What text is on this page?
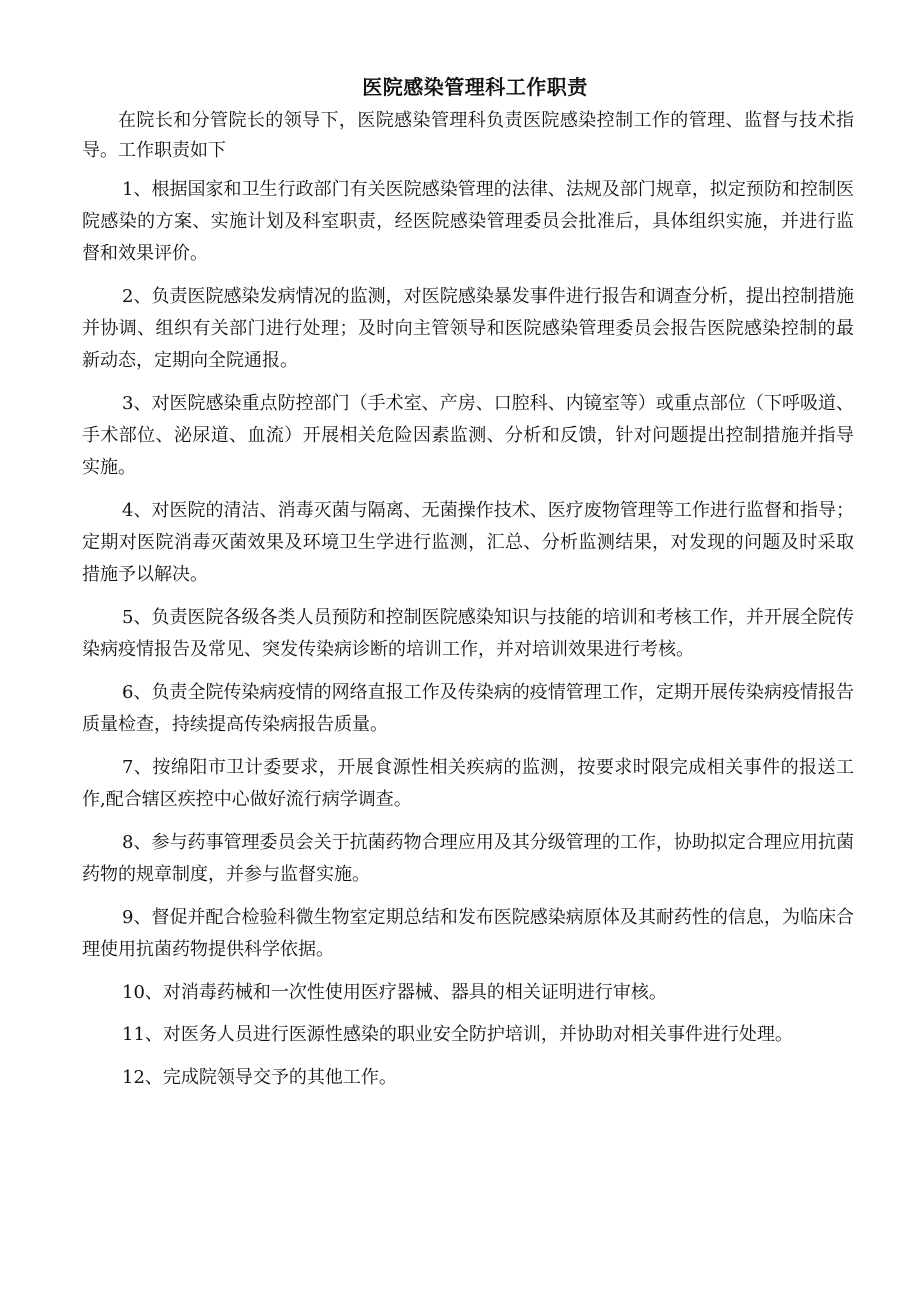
医院感染管理科工作职责

在院长和分管院长的领导下，医院感染管理科负责医院感染控制工作的管理、监督与技术指导。工作职责如下

1、根据国家和卫生行政部门有关医院感染管理的法律、法规及部门规章，拟定预防和控制医院感染的方案、实施计划及科室职责，经医院感染管理委员会批准后，具体组织实施，并进行监督和效果评价。

2、负责医院感染发病情况的监测，对医院感染暴发事件进行报告和调查分析，提出控制措施并协调、组织有关部门进行处理；及时向主管领导和医院感染管理委员会报告医院感染控制的最新动态，定期向全院通报。

3、对医院感染重点防控部门（手术室、产房、口腔科、内镜室等）或重点部位（下呼吸道、手术部位、泌尿道、血流）开展相关危险因素监测、分析和反馈，针对问题提出控制措施并指导实施。

4、对医院的清洁、消毒灭菌与隔离、无菌操作技术、医疗废物管理等工作进行监督和指导；定期对医院消毒灭菌效果及环境卫生学进行监测，汇总、分析监测结果，对发现的问题及时采取措施予以解决。

5、负责医院各级各类人员预防和控制医院感染知识与技能的培训和考核工作，并开展全院传染病疫情报告及常见、突发传染病诊断的培训工作，并对培训效果进行考核。

6、负责全院传染病疫情的网络直报工作及传染病的疫情管理工作，定期开展传染病疫情报告质量检查，持续提高传染病报告质量。

7、按绵阳市卫计委要求，开展食源性相关疾病的监测，按要求时限完成相关事件的报送工作,配合辖区疾控中心做好流行病学调查。

8、参与药事管理委员会关于抗菌药物合理应用及其分级管理的工作，协助拟定合理应用抗菌药物的规章制度，并参与监督实施。

9、督促并配合检验科微生物室定期总结和发布医院感染病原体及其耐药性的信息，为临床合理使用抗菌药物提供科学依据。

10、对消毒药械和一次性使用医疗器械、器具的相关证明进行审核。

11、对医务人员进行医源性感染的职业安全防护培训，并协助对相关事件进行处理。

12、完成院领导交予的其他工作。
